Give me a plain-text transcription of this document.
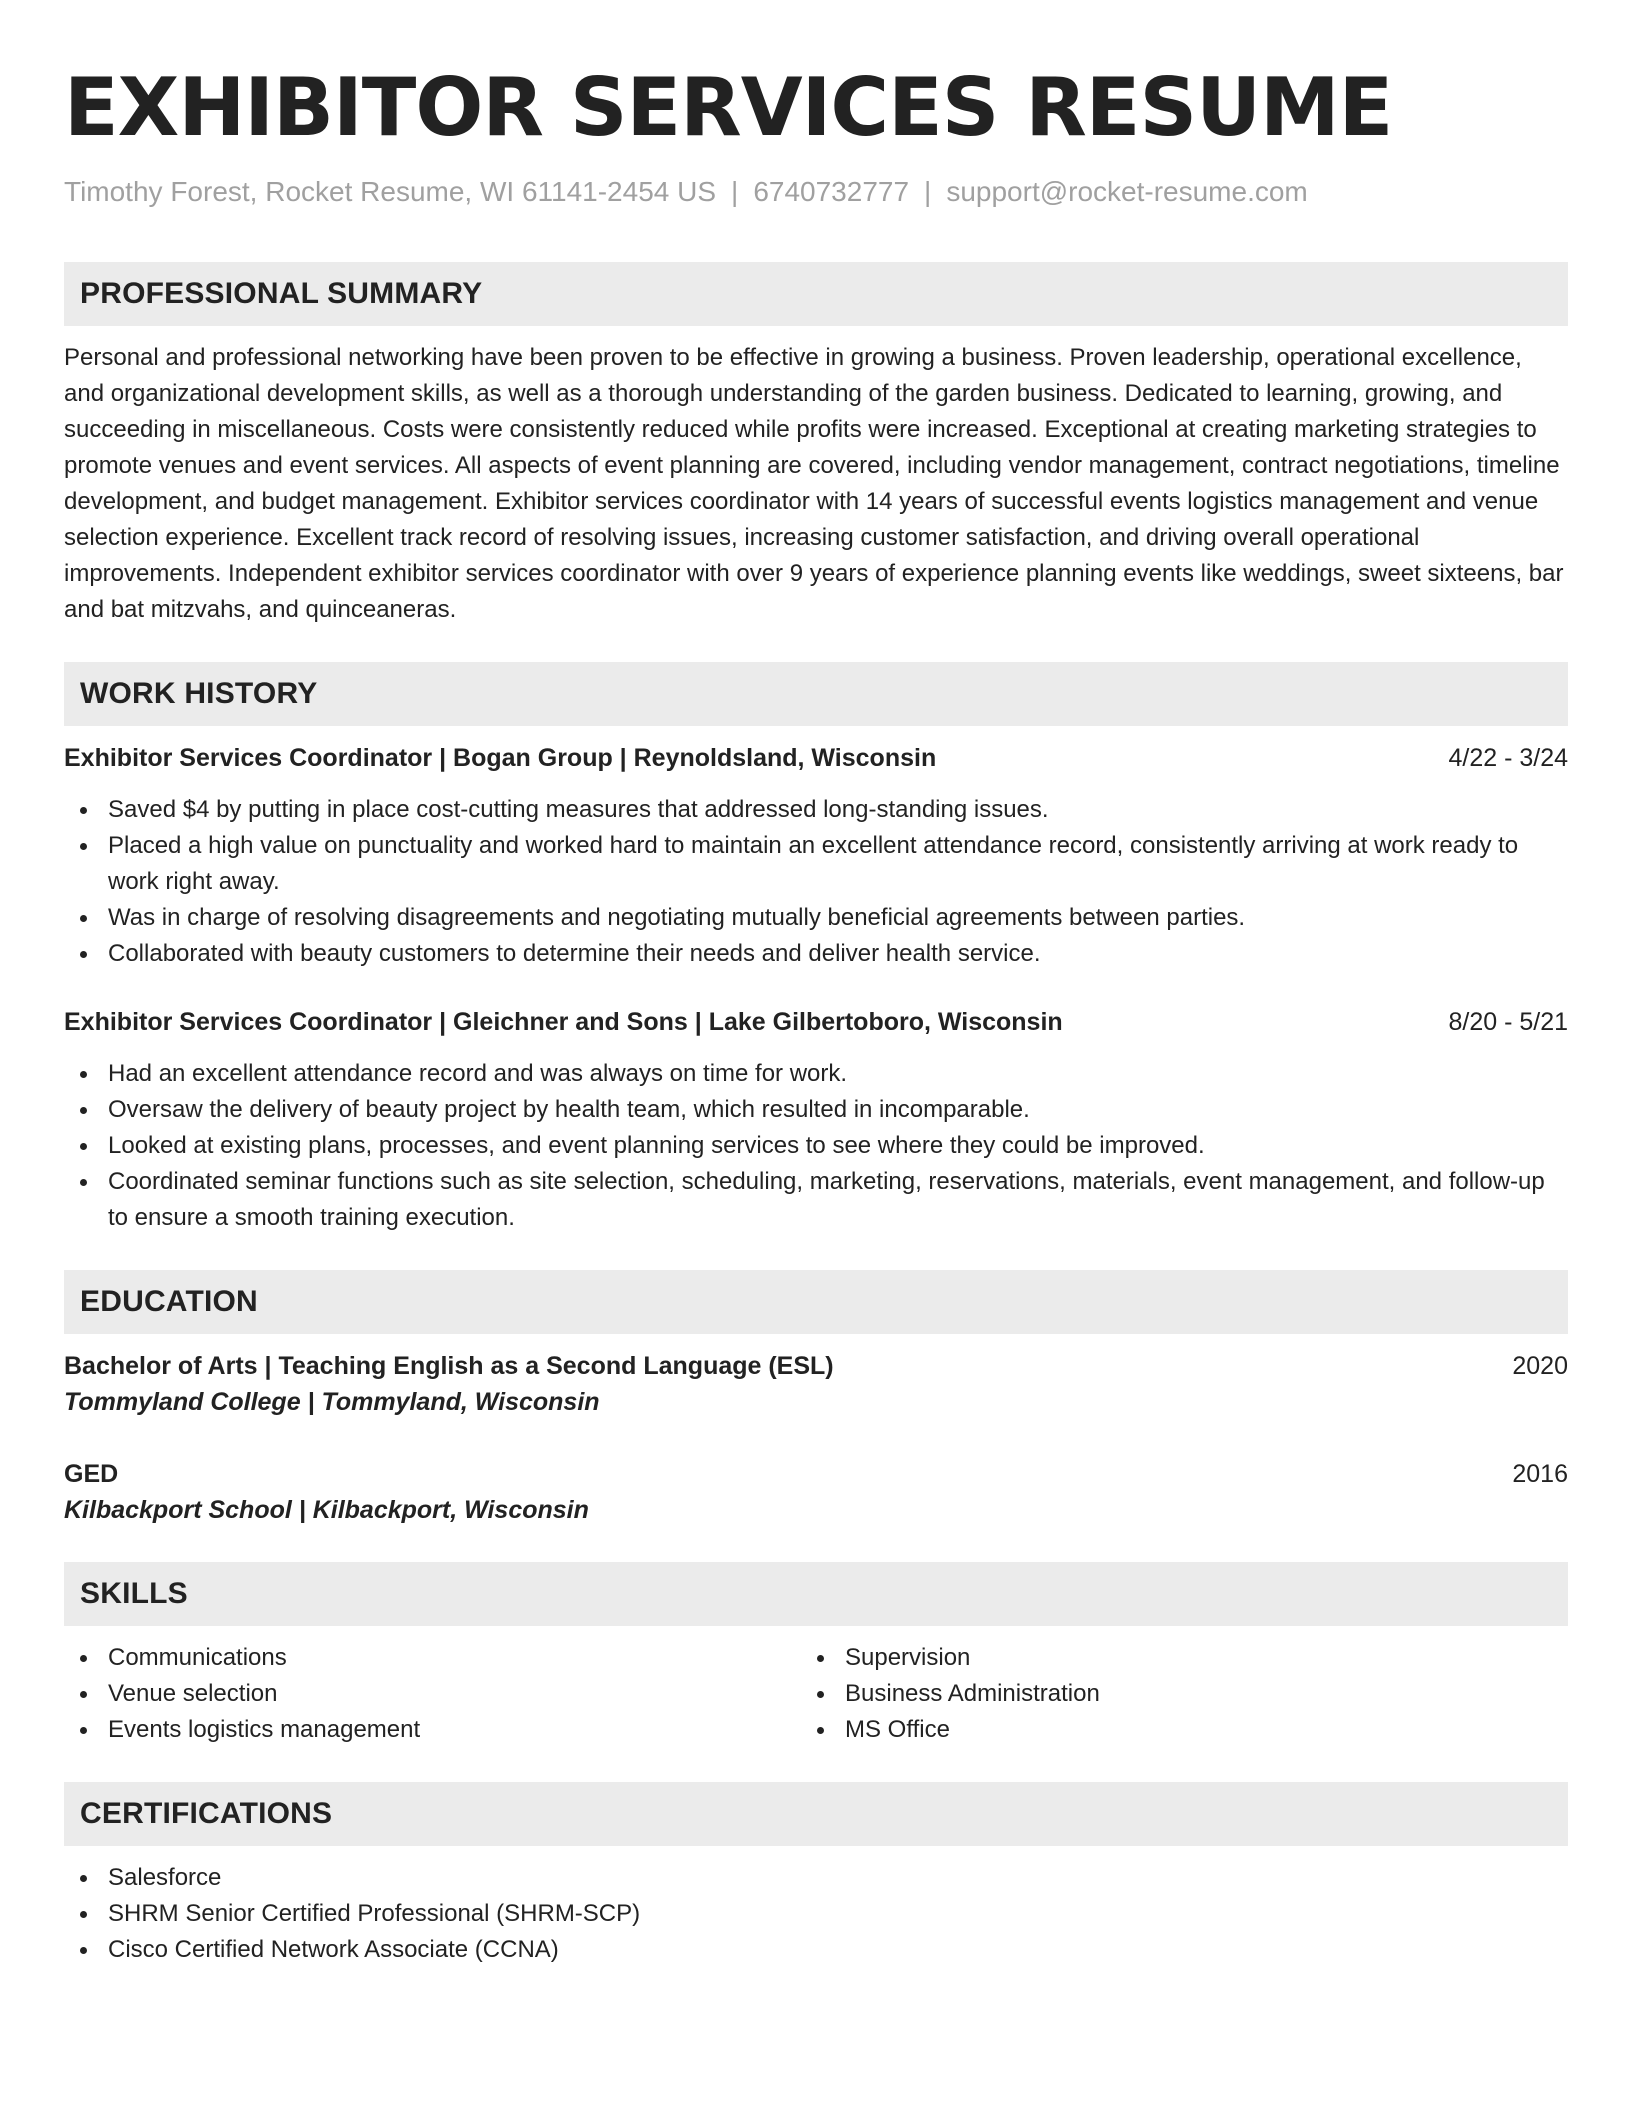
EXHIBITOR SERVICES RESUME
Timothy Forest, Rocket Resume, WI 61141-2454 US | 6740732777 | support@rocket-resume.com
PROFESSIONAL SUMMARY

Personal and professional networking have been proven to be effective in growing a business. Proven leadership, operational excellence, and organizational development skills, as well as a thorough understanding of the garden business. Dedicated to learning, growing, and succeeding in miscellaneous. Costs were consistently reduced while profits were increased. Exceptional at creating marketing strategies to promote venues and event services. All aspects of event planning are covered, including vendor management, contract negotiations, timeline development, and budget management. Exhibitor services coordinator with 14 years of successful events logistics management and venue selection experience. Excellent track record of resolving issues, increasing customer satisfaction, and driving overall operational improvements. Independent exhibitor services coordinator with over 9 years of experience planning events like weddings, sweet sixteens, bar and bat mitzvahs, and quinceaneras.

WORK HISTORY
Exhibitor Services Coordinator | Bogan Group | Reynoldsland, Wisconsin	4/22 - 3/24
Saved $4 by putting in place cost-cutting measures that addressed long-standing issues.
Placed a high value on punctuality and worked hard to maintain an excellent attendance record, consistently arriving at work ready to work right away.
Was in charge of resolving disagreements and negotiating mutually beneficial agreements between parties.
Collaborated with beauty customers to determine their needs and deliver health service.
Exhibitor Services Coordinator | Gleichner and Sons | Lake Gilbertoboro, Wisconsin	8/20 - 5/21
Had an excellent attendance record and was always on time for work.
Oversaw the delivery of beauty project by health team, which resulted in incomparable.
Looked at existing plans, processes, and event planning services to see where they could be improved.
Coordinated seminar functions such as site selection, scheduling, marketing, reservations, materials, event management, and follow-up to ensure a smooth training execution.
EDUCATION
Bachelor of Arts | Teaching English as a Second Language (ESL)	2020
Tommyland College | Tommyland, Wisconsin
GED	2016
Kilbackport School | Kilbackport, Wisconsin
SKILLS
Communications
Venue selection
Events logistics management
Supervision
Business Administration
MS Office
CERTIFICATIONS
Salesforce
SHRM Senior Certified Professional (SHRM-SCP)
Cisco Certified Network Associate (CCNA)
